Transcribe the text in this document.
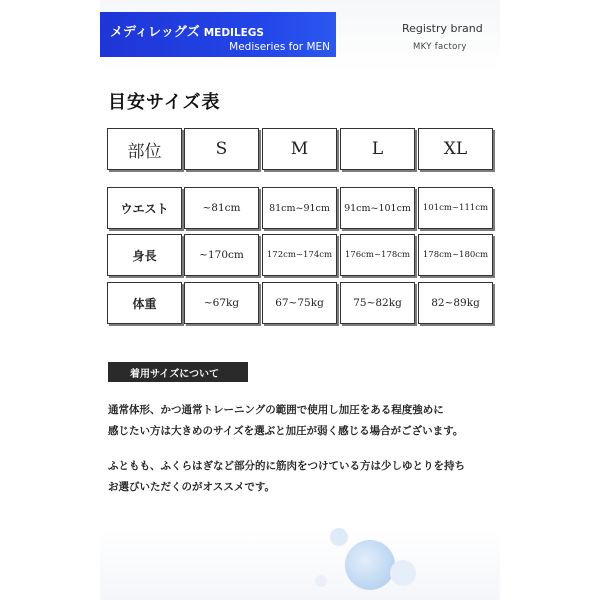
メディレッグズ MEDILEGS
Mediseries for MEN
Registry brand
MKY factory
目安サイズ表
部位	S	M	L	XL
ウエスト	~81cm	81cm~91cm	91cm~101cm	101cm~111cm
身長	~170cm	172cm~174cm	176cm~178cm	178cm~180cm
体重	~67kg	67~75kg	75~82kg	82~89kg
着用サイズについて
通常体形、かつ通常トレーニングの範囲で使用し加圧をある程度強めに
感じたい方は大きめのサイズを選ぶと加圧が弱く感じる場合がございます。
ふともも、ふくらはぎなど部分的に筋肉をつけている方は少しゆとりを持ち
お選びいただくのがオススメです。
